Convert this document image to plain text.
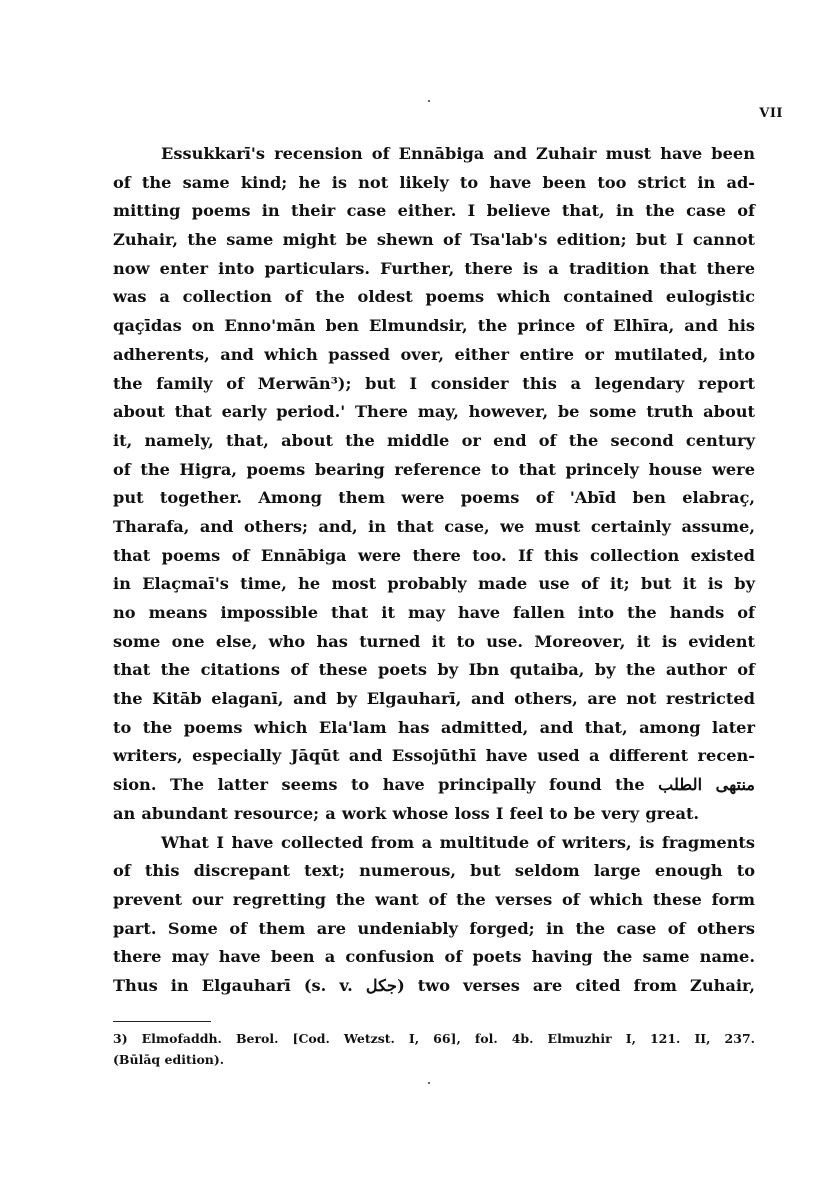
VII
Essukkarī's recension of Ennābiga and Zuhair must have been
of the same kind; he is not likely to have been too strict in ad-
mitting poems in their case either. I believe that, in the case of
Zuhair, the same might be shewn of Tsa'lab's edition; but I cannot
now enter into particulars. Further, there is a tradition that there
was a collection of the oldest poems which contained eulogistic
qaçīdas on Enno'mān ben Elmundsir, the prince of Elhīra, and his
adherents, and which passed over, either entire or mutilated, into
the family of Merwān³); but I consider this a legendary report
about that early period.' There may, however, be some truth about
it, namely, that, about the middle or end of the second century
of the Higra, poems bearing reference to that princely house were
put together. Among them were poems of 'Abīd ben elabraç,
Tharafa, and others; and, in that case, we must certainly assume,
that poems of Ennābiga were there too. If this collection existed
in Elaçmaī's time, he most probably made use of it; but it is by
no means impossible that it may have fallen into the hands of
some one else, who has turned it to use. Moreover, it is evident
that the citations of these poets by Ibn qutaiba, by the author of
the Kitāb elaganī, and by Elgauharī, and others, are not restricted
to the poems which Ela'lam has admitted, and that, among later
writers, especially Jāqūt and Essojūthī have used a different recen-
sion. The latter seems to have principally found the منتهى الطلب
an abundant resource; a work whose loss I feel to be very great.
What I have collected from a multitude of writers, is fragments
of this discrepant text; numerous, but seldom large enough to
prevent our regretting the want of the verses of which these form
part. Some of them are undeniably forged; in the case of others
there may have been a confusion of poets having the same name.
Thus in Elgauharī (s. v. جكل) two verses are cited from Zuhair,
3) Elmofaddh. Berol. [Cod. Wetzst. I, 66], fol. 4b. Elmuzhir I, 121. II, 237.
(Būlāq edition).
